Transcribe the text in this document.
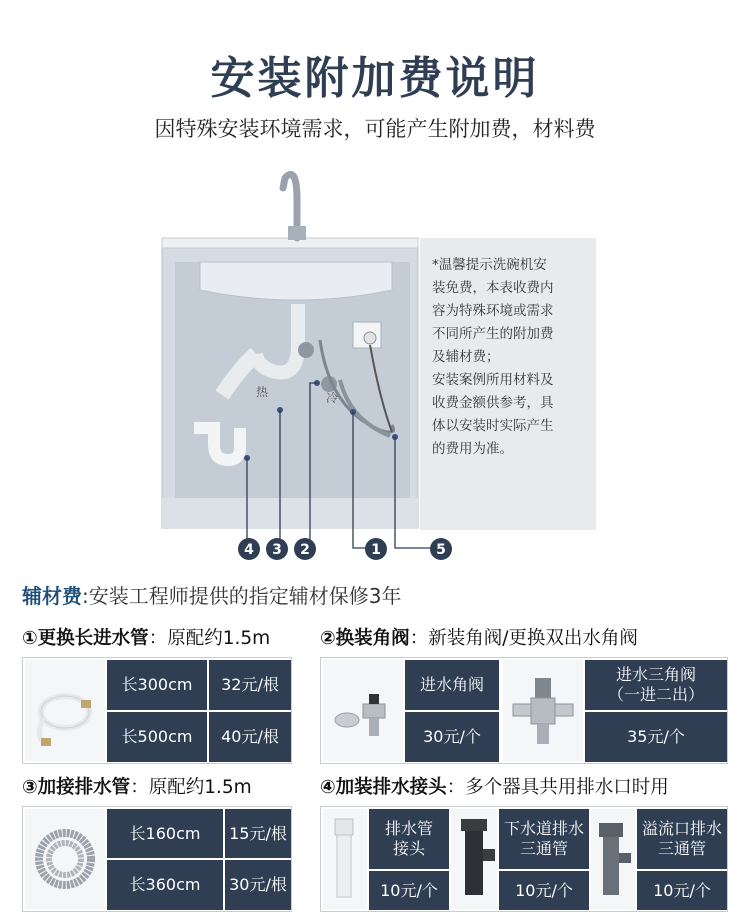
安装附加费说明
因特殊安装环境需求，可能产生附加费，材料费
热	冷
4 3 2	1	5

*温馨提示洗碗机安

装免费，本表收费内

容为特殊环境或需求

不同所产生的附加费

及辅材费；

安装案例所用材料及

收费金额供参考，具

体以安装时实际产生

的费用为准。

辅材费:安装工程师提供的指定辅材保修3年
①更换长进水管：原配约1.5m	②换装角阀：新装角阀/更换双出水角阀
长300cm	32元/根
长500cm	40元/根
进水角阀
30元/个
进水三角阀
（一进二出）
35元/个
③加接排水管：原配约1.5m	④加装排水接头：多个器具共用排水口时用
长160cm	15元/根
长360cm	30元/根
排水管
接头
10元/个
下水道排水
三通管
10元/个
溢流口排水
三通管
10元/个
